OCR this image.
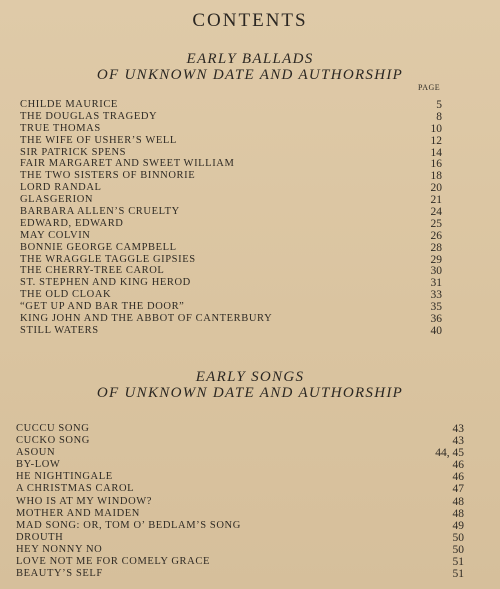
CONTENTS
EARLY BALLADS
OF UNKNOWN DATE AND AUTHORSHIP
PAGE
CHILDE MAURICE	5
THE DOUGLAS TRAGEDY	8
TRUE THOMAS	10
THE WIFE OF USHER’S WELL	12
SIR PATRICK SPENS	14
FAIR MARGARET AND SWEET WILLIAM	16
THE TWO SISTERS OF BINNORIE	18
LORD RANDAL	20
GLASGERION	21
BARBARA ALLEN’S CRUELTY	24
EDWARD, EDWARD	25
MAY COLVIN	26
BONNIE GEORGE CAMPBELL	28
THE WRAGGLE TAGGLE GIPSIES	29
THE CHERRY-TREE CAROL	30
ST. STEPHEN AND KING HEROD	31
THE OLD CLOAK	33
“GET UP AND BAR THE DOOR”	35
KING JOHN AND THE ABBOT OF CANTERBURY	36
STILL WATERS	40
EARLY SONGS
OF UNKNOWN DATE AND AUTHORSHIP
CUCCU SONG	43
CUCKO SONG	43
ASOUN	44, 45
BY-LOW	46
HE NIGHTINGALE	46
A CHRISTMAS CAROL	47
WHO IS AT MY WINDOW?	48
MOTHER AND MAIDEN	48
MAD SONG: OR, TOM O’ BEDLAM’S SONG	49
DROUTH	50
HEY NONNY NO	50
LOVE NOT ME FOR COMELY GRACE	51
BEAUTY’S SELF	51
